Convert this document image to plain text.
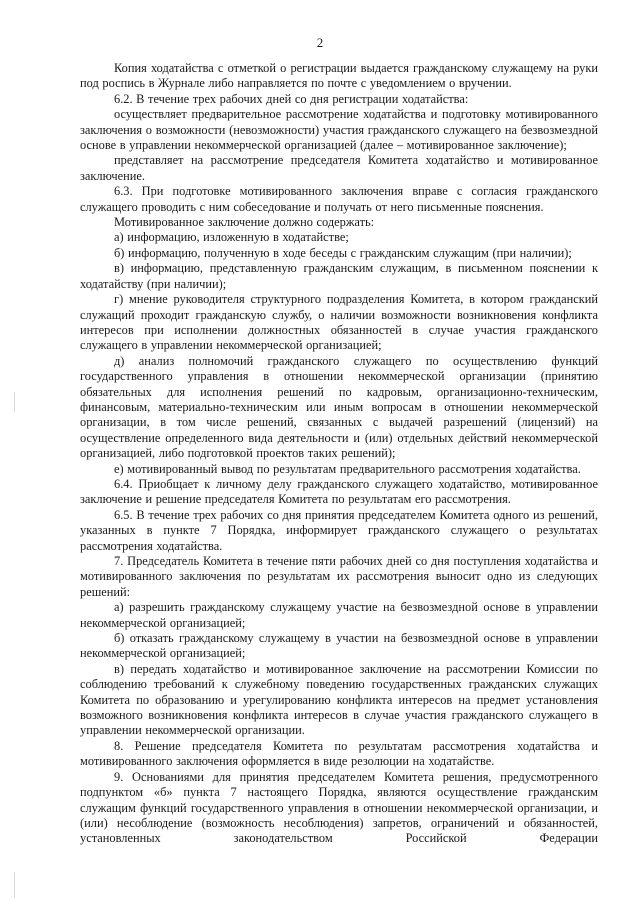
2

Копия ходатайства с отметкой о регистрации выдается гражданскому служащему на руки под роспись в Журнале либо направляется по почте с уведомлением о вручении.

6.2. В течение трех рабочих дней со дня регистрации ходатайства:

осуществляет предварительное рассмотрение ходатайства и подготовку мотивированного заключения о возможности (невозможности) участия гражданского служащего на безвозмездной основе в управлении некоммерческой организацией (далее – мотивированное заключение);

представляет на рассмотрение председателя Комитета ходатайство и мотивированное заключение.

6.3. При подготовке мотивированного заключения вправе с согласия гражданского служащего проводить с ним собеседование и получать от него письменные пояснения.

Мотивированное заключение должно содержать:

а) информацию, изложенную в ходатайстве;

б) информацию, полученную в ходе беседы с гражданским служащим (при наличии);

в) информацию, представленную гражданским служащим, в письменном пояснении к ходатайству (при наличии);

г) мнение руководителя структурного подразделения Комитета, в котором гражданский служащий проходит гражданскую службу, о наличии возможности возникновения конфликта интересов при исполнении должностных обязанностей в случае участия гражданского служащего в управлении некоммерческой организацией;

д) анализ полномочий гражданского служащего по осуществлению функций государственного управления в отношении некоммерческой организации (принятию обязательных для исполнения решений по кадровым, организационно-техническим, финансовым, материально-техническим или иным вопросам в отношении некоммерческой организации, в том числе решений, связанных с выдачей разрешений (лицензий) на осуществление определенного вида деятельности и (или) отдельных действий некоммерческой организацией, либо подготовкой проектов таких решений);

е) мотивированный вывод по результатам предварительного рассмотрения ходатайства.

6.4. Приобщает к личному делу гражданского служащего ходатайство, мотивированное заключение и решение председателя Комитета по результатам его рассмотрения.

6.5. В течение трех рабочих со дня принятия председателем Комитета одного из решений, указанных в пункте 7 Порядка, информирует гражданского служащего о результатах рассмотрения ходатайства.

7. Председатель Комитета в течение пяти рабочих дней со дня поступления ходатайства и мотивированного заключения по результатам их рассмотрения выносит одно из следующих решений:

а) разрешить гражданскому служащему участие на безвозмездной основе в управлении некоммерческой организацией;

б) отказать гражданскому служащему в участии на безвозмездной основе в управлении некоммерческой организацией;

в) передать ходатайство и мотивированное заключение на рассмотрении Комиссии по соблюдению требований к служебному поведению государственных гражданских служащих Комитета по образованию и урегулированию конфликта интересов на предмет установления возможного возникновения конфликта интересов в случае участия гражданского служащего в управлении некоммерческой организации.

8. Решение председателя Комитета по результатам рассмотрения ходатайства и мотивированного заключения оформляется в виде резолюции на ходатайстве.

9. Основаниями для принятия председателем Комитета решения, предусмотренного подпунктом «б» пункта 7 настоящего Порядка, являются осуществление гражданским служащим функций государственного управления в отношении некоммерческой организации, и (или) несоблюдение (возможность несоблюдения) запретов, ограничений и обязанностей, установленных законодательством Российской Федерации
